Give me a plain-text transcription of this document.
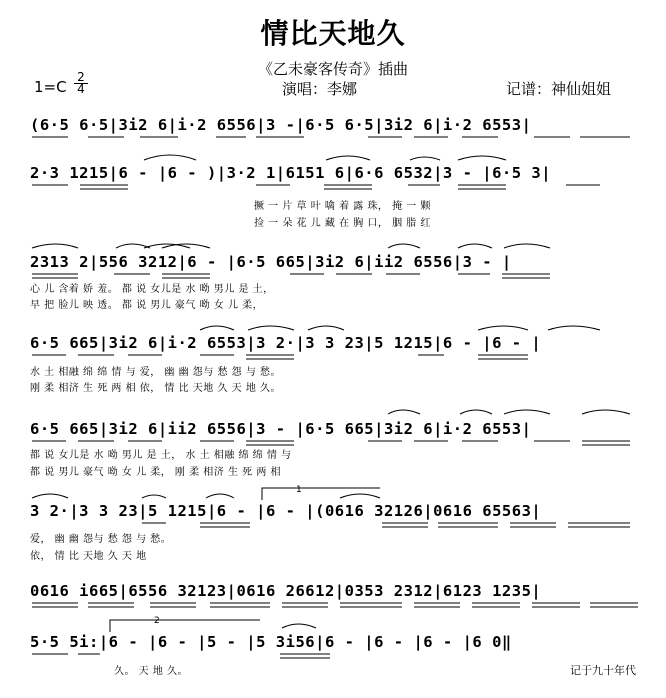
情比天地久
《乙未豪客传奇》插曲
1=C
2
4	演唱：李娜	记谱：神仙姐姐
(6·5 6·5|3i2 6|i·2 6556|3 -|6·5 6·5|3i2 6|i·2 6553|
2·3 1215|6 - |6 - )|3·2 1|6151 6|6·6 6532|3 - |6·5 3|
撅 一 片 草 叶 噙 着 露 珠， 掩 一 颗
捡 一 朵 花 儿 藏 在 胸 口， 胭 脂 红
2313 2|556 3212|6 - |6·5 665|3i2 6|ii2 6556|3 - |
心 儿 含着 娇 羞。 都 说 女儿是 水 呦 男儿 是 土，
早 把 脸儿 映 透。 都 说 男儿 豪气 呦 女 儿 柔，
6·5 665|3i2 6|i·2 6553|3 2·|3 3 23|5 1215|6 - |6 - |
水 土 相融 绵 绵 情 与 爱， 幽 幽 怨与 愁 怨 与 愁。
刚 柔 相济 生 死 两 相 依， 情 比 天地 久 天 地 久。
6·5 665|3i2 6|ii2 6556|3 - |6·5 665|3i2 6|i·2 6553|
都 说 女儿是 水 呦 男儿 是 土， 水 土 相融 绵 绵 情 与
都 说 男儿 豪气 呦 女 儿 柔， 刚 柔 相济 生 死 两 相
3 2·|3 3 23|5 1215|6 - |6 - |(0616 32126|0616 65563|
爱， 幽 幽 怨与 愁 怨 与 愁。
依， 情 比 天地 久 天 地
0616 i665|6556 32123|0616 26612|0353 2312|6123 1235|
5·5 5i:|6 - |6 - |5 - |5 3i56|6 - |6 - |6 - |6 0‖
久。 天 地 久。
1
2
记于九十年代
